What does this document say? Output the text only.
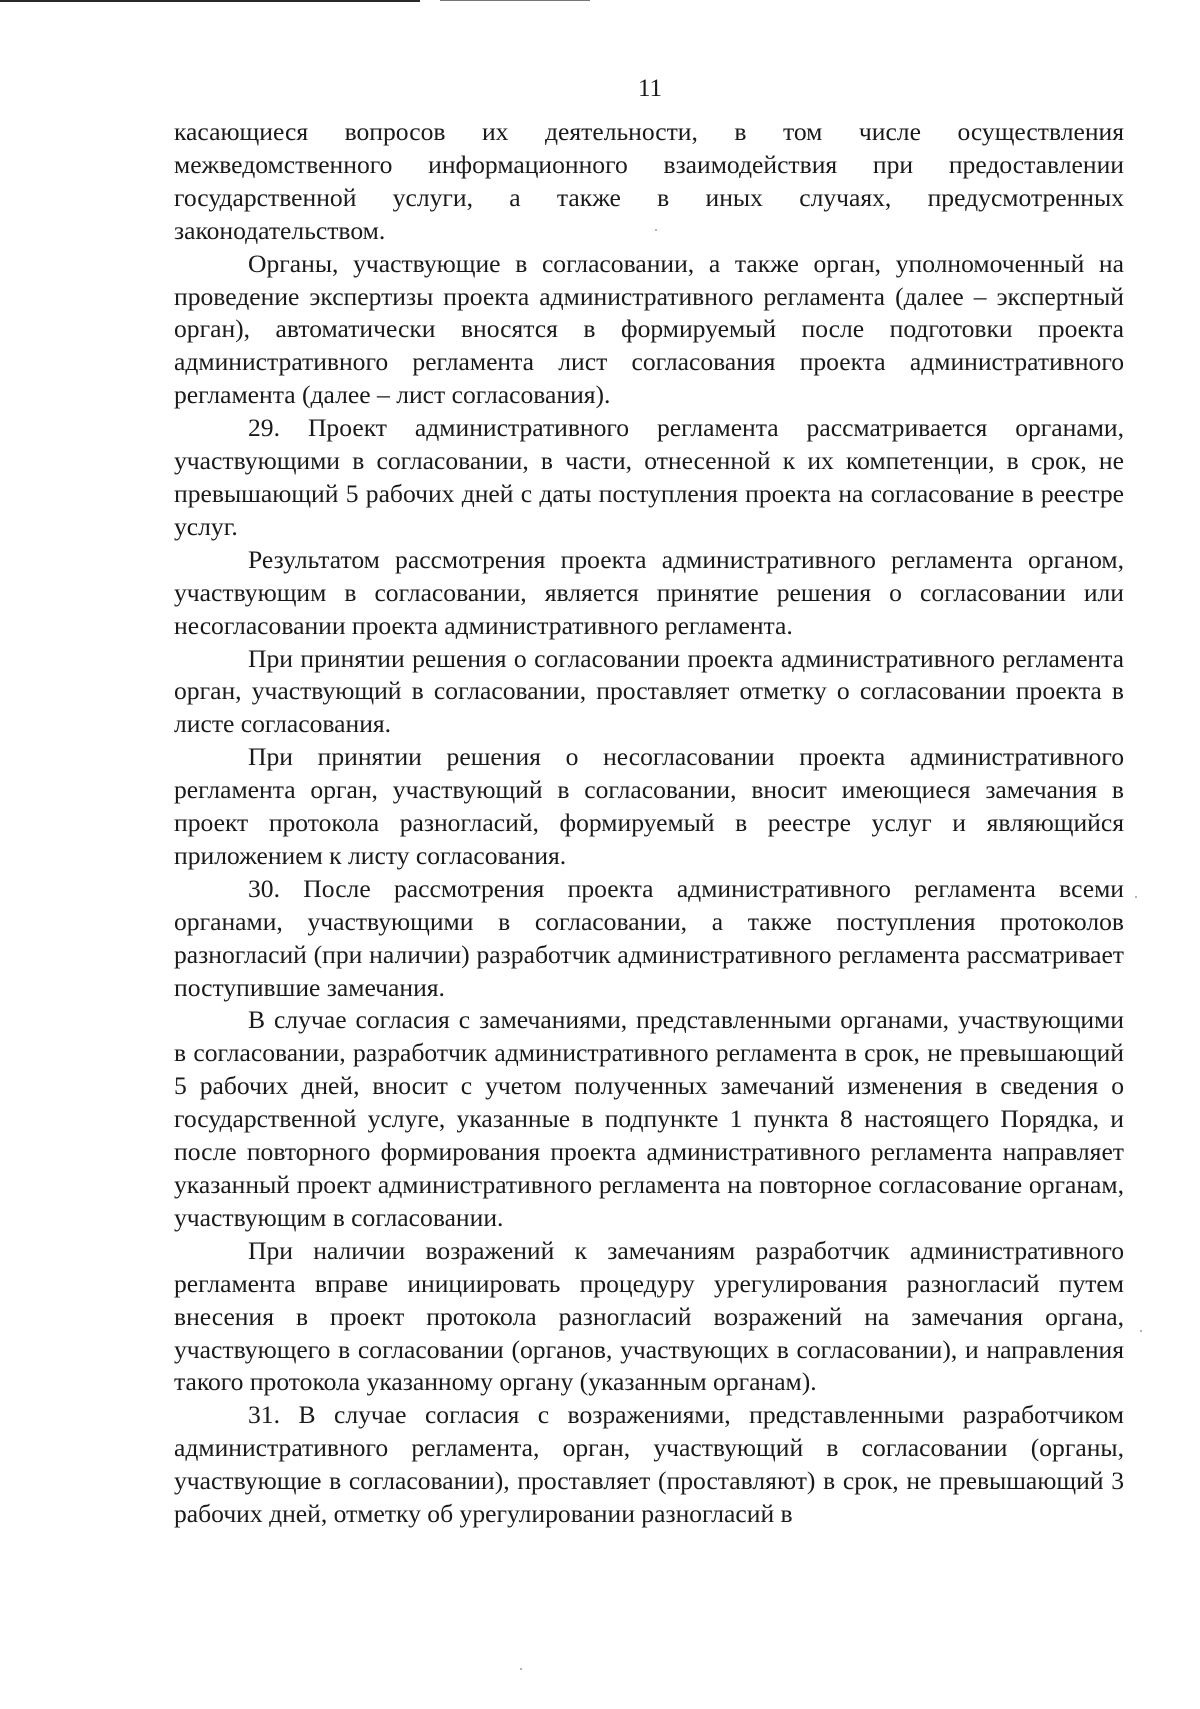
11

касающиеся вопросов их деятельности, в том числе осуществления межведомственного информационного взаимодействия при предоставлении государственной услуги, а также в иных случаях, предусмотренных законодательством.

Органы, участвующие в согласовании, а также орган, уполномоченный на проведение экспертизы проекта административного регламента (далее – экспертный орган), автоматически вносятся в формируемый после подготовки проекта административного регламента лист согласования проекта административного регламента (далее – лист согласования).

29. Проект административного регламента рассматривается органами, участвующими в согласовании, в части, отнесенной к их компетенции, в срок, не превышающий 5 рабочих дней с даты поступления проекта на согласование в реестре услуг.

Результатом рассмотрения проекта административного регламента органом, участвующим в согласовании, является принятие решения о согласовании или несогласовании проекта административного регламента.

При принятии решения о согласовании проекта административного регламента орган, участвующий в согласовании, проставляет отметку о согласовании проекта в листе согласования.

При принятии решения о несогласовании проекта административного регламента орган, участвующий в согласовании, вносит имеющиеся замечания в проект протокола разногласий, формируемый в реестре услуг и являющийся приложением к листу согласования.

30. После рассмотрения проекта административного регламента всеми органами, участвующими в согласовании, а также поступления протоколов разногласий (при наличии) разработчик административного регламента рассматривает поступившие замечания.

В случае согласия с замечаниями, представленными органами, участвующими в согласовании, разработчик административного регламента в срок, не превышающий 5 рабочих дней, вносит с учетом полученных замечаний изменения в сведения о государственной услуге, указанные в подпункте 1 пункта 8 настоящего Порядка, и после повторного формирования проекта административного регламента направляет указанный проект административного регламента на повторное согласование органам, участвующим в согласовании.

При наличии возражений к замечаниям разработчик административного регламента вправе инициировать процедуру урегулирования разногласий путем внесения в проект протокола разногласий возражений на замечания органа, участвующего в согласовании (органов, участвующих в согласовании), и направления такого протокола указанному органу (указанным органам).

31. В случае согласия с возражениями, представленными разработчиком административного регламента, орган, участвующий в согласовании (органы, участвующие в согласовании), проставляет (проставляют) в срок, не превышающий 3 рабочих дней, отметку об урегулировании разногласий в
